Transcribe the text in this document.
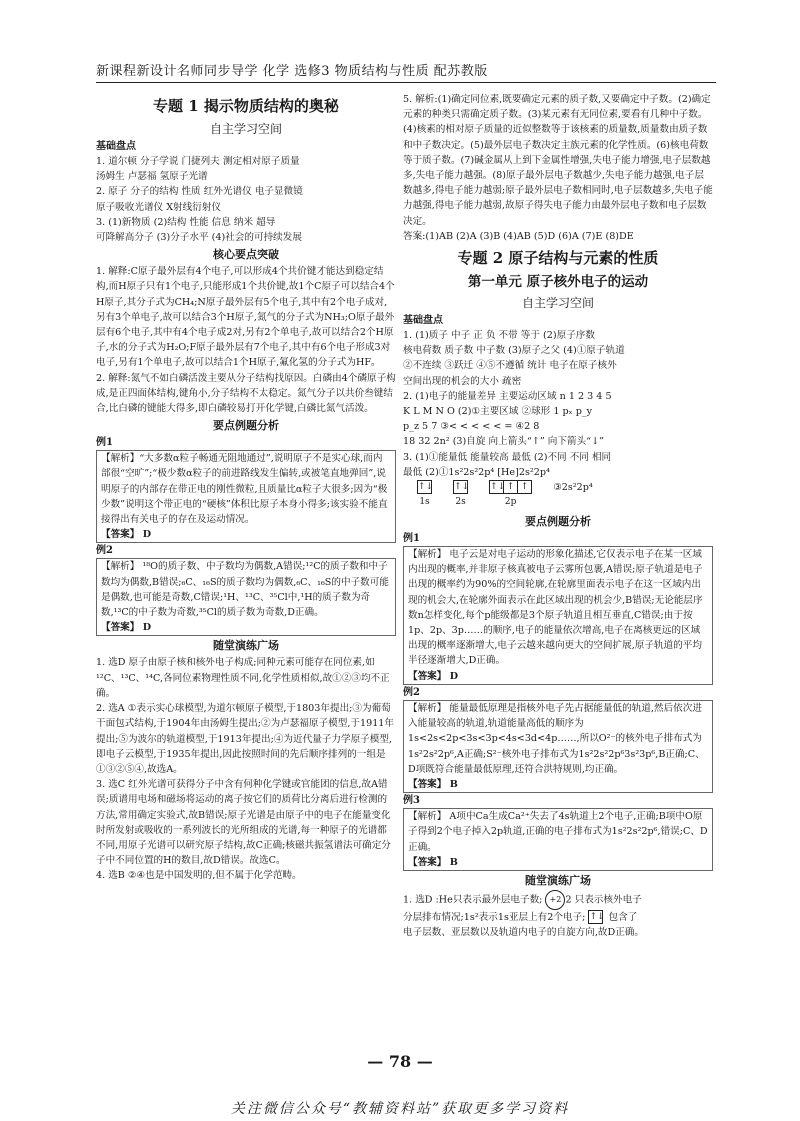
新课程新设计名师同步导学 化学 选修3 物质结构与性质 配苏教版
专题 1 揭示物质结构的奥秘
自主学习空间
基础盘点

1. 道尔顿 分子学说 门捷列夫 测定相对原子质量

汤姆生 卢瑟福 氢原子光谱

2. 原子 分子的结构 性质 红外光谱仪 电子显微镜

原子吸收光谱仪 X射线衍射仪

3. (1)新物质 (2)结构 性能 信息 纳米 超导

可降解高分子 (3)分子水平 (4)社会的可持续发展

核心要点突破

1. 解释:C原子最外层有4个电子,可以形成4个共价键才能达到稳定结构,而H原子只有1个电子,只能形成1个共价键,故1个C原子可以结合4个H原子,其分子式为CH₄;N原子最外层有5个电子,其中有2个电子成对,另有3个单电子,故可以结合3个H原子,氮气的分子式为NH₃;O原子最外层有6个电子,其中有4个电子成2对,另有2个单电子,故可以结合2个H原子,水的分子式为H₂O;F原子最外层有7个电子,其中有6个电子形成3对电子,另有1个单电子,故可以结合1个H原子,氟化氢的分子式为HF。

2. 解释:氮气不如白磷活泼主要从分子结构找原因。白磷由4个磷原子构成,是正四面体结构,键角小,分子结构不太稳定。氮气分子以共价叁键结合,比白磷的键能大得多,即白磷较易打开化学键,白磷比氮气活泼。

要点例题分析
例1

【解析】“大多数α粒子畅通无阻地通过”,说明原子不是实心球,而内部很“空旷”;“极少数α粒子的前进路线发生偏转,或被笔直地弹回”,说明原子的内部存在带正电的刚性微粒,且质量比α粒子大很多;因为“极少数”说明这个带正电的“硬核”体积比原子本身小得多;该实验不能直接得出有关电子的存在及运动情况。

【答案】 D

例2

【解析】 ¹⁸O的质子数、中子数均为偶数,A错误;¹²C的质子数和中子数均为偶数,B错误;₆C、₁₆S的质子数均为偶数,₆C、₁₆S的中子数可能是偶数,也可能是奇数,C错误;¹H、¹³C、³⁵Cl中,¹H的质子数为奇数,¹³C的中子数为奇数,³⁵Cl的质子数为奇数,D正确。

【答案】 D

随堂演练广场

1. 选D 原子由原子核和核外电子构成;同种元素可能存在同位素,如¹²C、¹³C、¹⁴C,各同位素物理性质不同,化学性质相似,故①②③均不正确。

2. 选A ①表示实心球模型,为道尔顿原子模型,于1803年提出;③为葡萄干面包式结构,于1904年由汤姆生提出;②为卢瑟福原子模型,于1911年提出;⑤为波尔的轨道模型,于1913年提出;④为近代量子力学原子模型,即电子云模型,于1935年提出,因此按照时间的先后顺序排列的一组是①③②⑤④,故选A。

3. 选C 红外光谱可获得分子中含有何种化学键或官能团的信息,故A错误;质谱用电场和磁场将运动的离子按它们的质荷比分离后进行检测的方法,常用确定实验式,故B错误;原子光谱是由原子中的电子在能量变化时所发射或吸收的一系列波长的光所组成的光谱,每一种原子的光谱都不同,用原子光谱可以研究原子结构,故C正确;核磁共振氢谱法可确定分子中不同位置的H的数目,故D错误。故选C。

4. 选B ②④也是中国发明的,但不属于化学范畴。

5. 解析:(1)确定同位素,既要确定元素的质子数,又要确定中子数。(2)确定元素的种类只需确定质子数。(3)某元素有无同位素,要看有几种中子数。(4)核素的相对原子质量的近似整数等于该核素的质量数,质量数由质子数和中子数决定。(5)最外层电子数决定主族元素的化学性质。(6)核电荷数等于质子数。(7)碱金属从上到下金属性增强,失电子能力增强,电子层数越多,失电子能力越强。(8)原子最外层电子数越少,失电子能力越强,电子层数越多,得电子能力越弱;原子最外层电子数相同时,电子层数越多,失电子能力越强,得电子能力越弱,故原子得失电子能力由最外层电子数和电子层数决定。

答案:(1)AB (2)A (3)B (4)AB (5)D (6)A (7)E (8)DE

专题 2 原子结构与元素的性质
第一单元 原子核外电子的运动
自主学习空间
基础盘点

1. (1)质子 中子 正 负 不带 等于 (2)原子序数

核电荷数 质子数 中子数 (3)原子之父 (4)①原子轨道

②不连续 ③跃迁 ④⑤不遵循 统计 电子在原子核外

空间出现的机会的大小 疏密

2. (1)电子的能量差异 主要运动区域 n 1 2 3 4 5

K L M N O (2)①主要区域 ②球形 1 pₓ p_y

p_z 5 7 ③< < < < < = ④2 8

18 32 2n² (3)自旋 向上箭头“↑” 向下箭头“↓”

3. (1)①能量低 能量较高 最低 (2)不同 不同 相同

最低 (2)①1s²2s²2p⁴ [He]2s²2p⁴

↑↓

1s
↑↓

2s
↑↓ ↑ ↑

2p ③2s²2p⁴
要点例题分析
例1

【解析】 电子云是对电子运动的形象化描述,它仅表示电子在某一区域内出现的概率,并非原子核真被电子云雾所包裹,A错误;原子轨道是电子出现的概率约为90%的空间轮廓,在轮廓里面表示电子在这一区域内出现的机会大,在轮廓外面表示在此区域出现的机会少,B错误;无论能层序数n怎样变化,每个p能级都是3个原子轨道且相互垂直,C错误;由于按1p、2p、3p……的顺序,电子的能量依次增高,电子在离核更远的区域出现的概率逐渐增大,电子云越来越向更大的空间扩展,原子轨道的平均半径逐渐增大,D正确。

【答案】 D

例2

【解析】 能量最低原理是指核外电子先占据能量低的轨道,然后依次进入能量较高的轨道,轨道能量高低的顺序为1s<2s<2p<3s<3p<4s<3d<4p……,所以O²⁻的核外电子排布式为1s²2s²2p⁶,A正确;S²⁻核外电子排布式为1s²2s²2p⁶3s²3p⁶,B正确;C、D项既符合能量最低原理,还符合洪特规则,均正确。

【答案】 B

例3

【解析】 A项中Ca生成Ca²⁺失去了4s轨道上2个电子,正确;B项中O原子得到2个电子掉入2p轨道,正确的电子排布式为1s²2s²2p⁶,错误;C、D正确。

【答案】 B

随堂演练广场

1. 选D :He只表示最外层电子数; +2 2 只表示核外电子

分层排布情况;1s²表示1s亚层上有2个电子; ↑↓ 包含了

电子层数、亚层数以及轨道内电子的自旋方向,故D正确。

— 78 —
关注微信公众号“教辅资料站”获取更多学习资料
